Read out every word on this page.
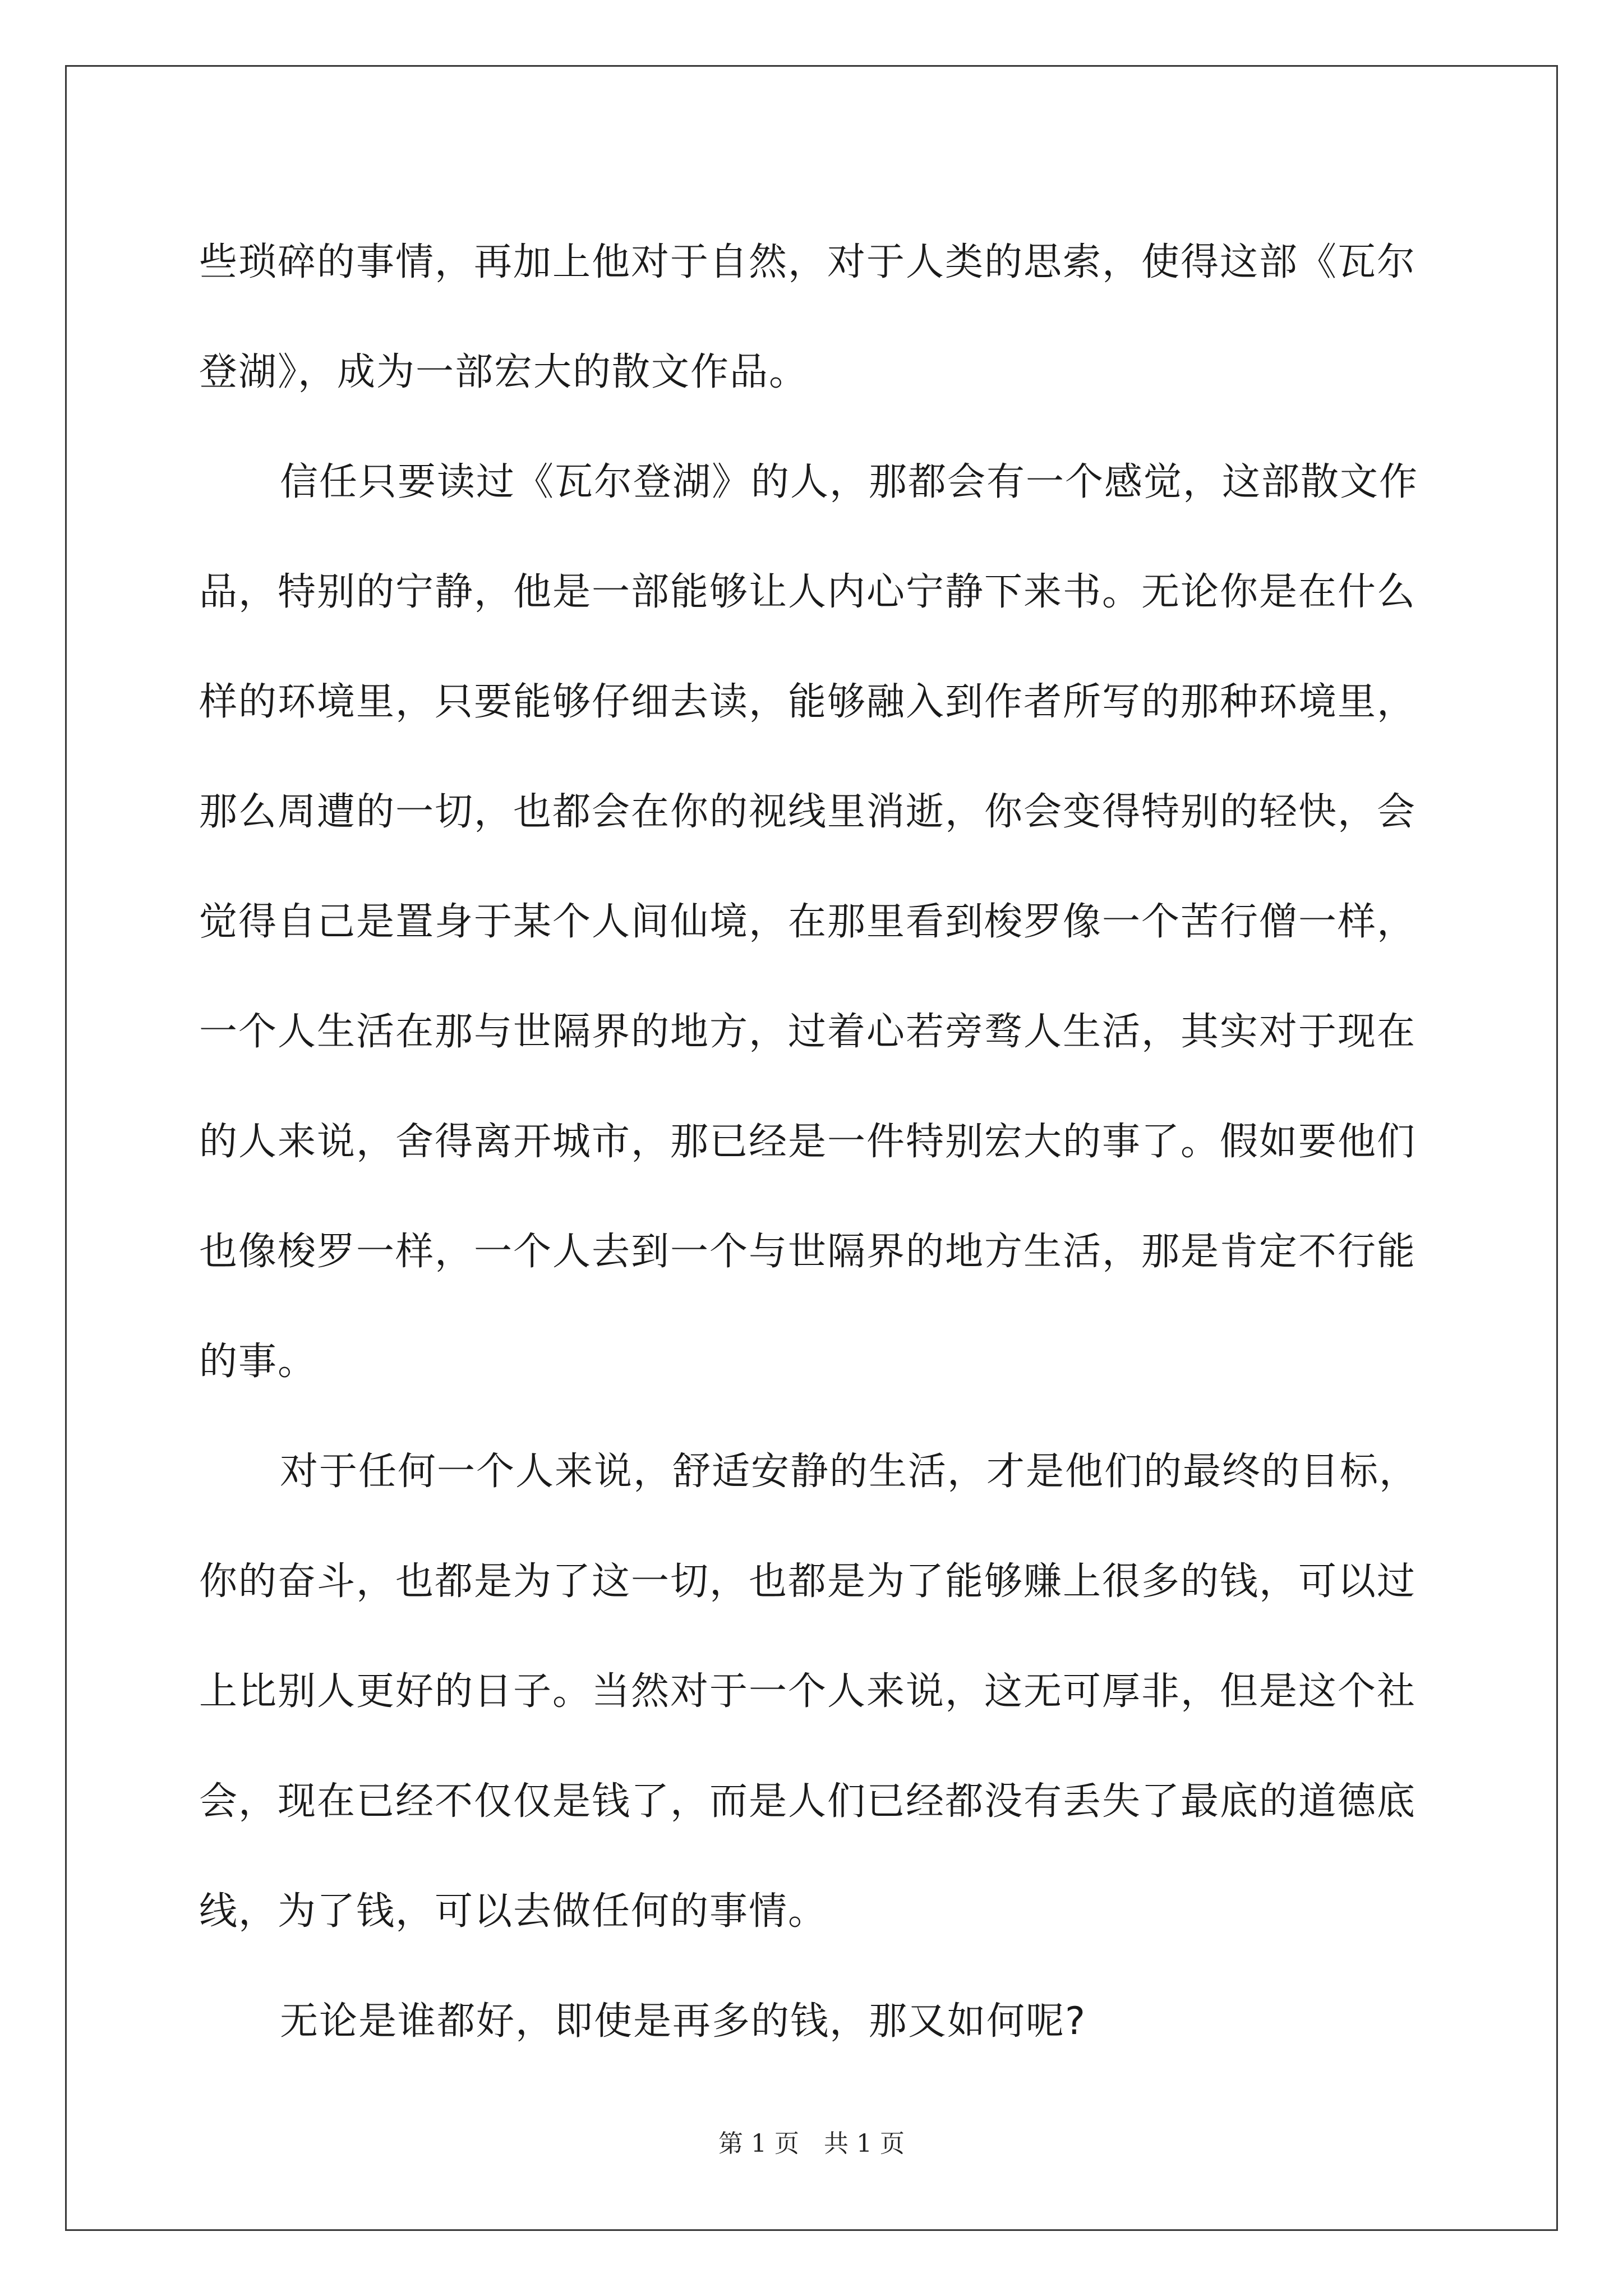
些琐碎的事情，再加上他对于自然，对于人类的思索，使得这部《瓦尔登湖》，成为一部宏大的散文作品。

信任只要读过《瓦尔登湖》的人，那都会有一个感觉，这部散文作品，特别的宁静，他是一部能够让人内心宁静下来书。无论你是在什么样的环境里，只要能够仔细去读，能够融入到作者所写的那种环境里，那么周遭的一切，也都会在你的视线里消逝，你会变得特别的轻快，会觉得自己是置身于某个人间仙境，在那里看到梭罗像一个苦行僧一样，一个人生活在那与世隔界的地方，过着心若旁骛人生活，其实对于现在的人来说，舍得离开城市，那已经是一件特别宏大的事了。假如要他们也像梭罗一样，一个人去到一个与世隔界的地方生活，那是肯定不行能的事。

对于任何一个人来说，舒适安静的生活，才是他们的最终的目标，你的奋斗，也都是为了这一切，也都是为了能够赚上很多的钱，可以过上比别人更好的日子。当然对于一个人来说，这无可厚非，但是这个社会，现在已经不仅仅是钱了，而是人们已经都没有丢失了最底的道德底线，为了钱，可以去做任何的事情。

无论是谁都好，即使是再多的钱，那又如何呢?

第 1 页　共 1 页
